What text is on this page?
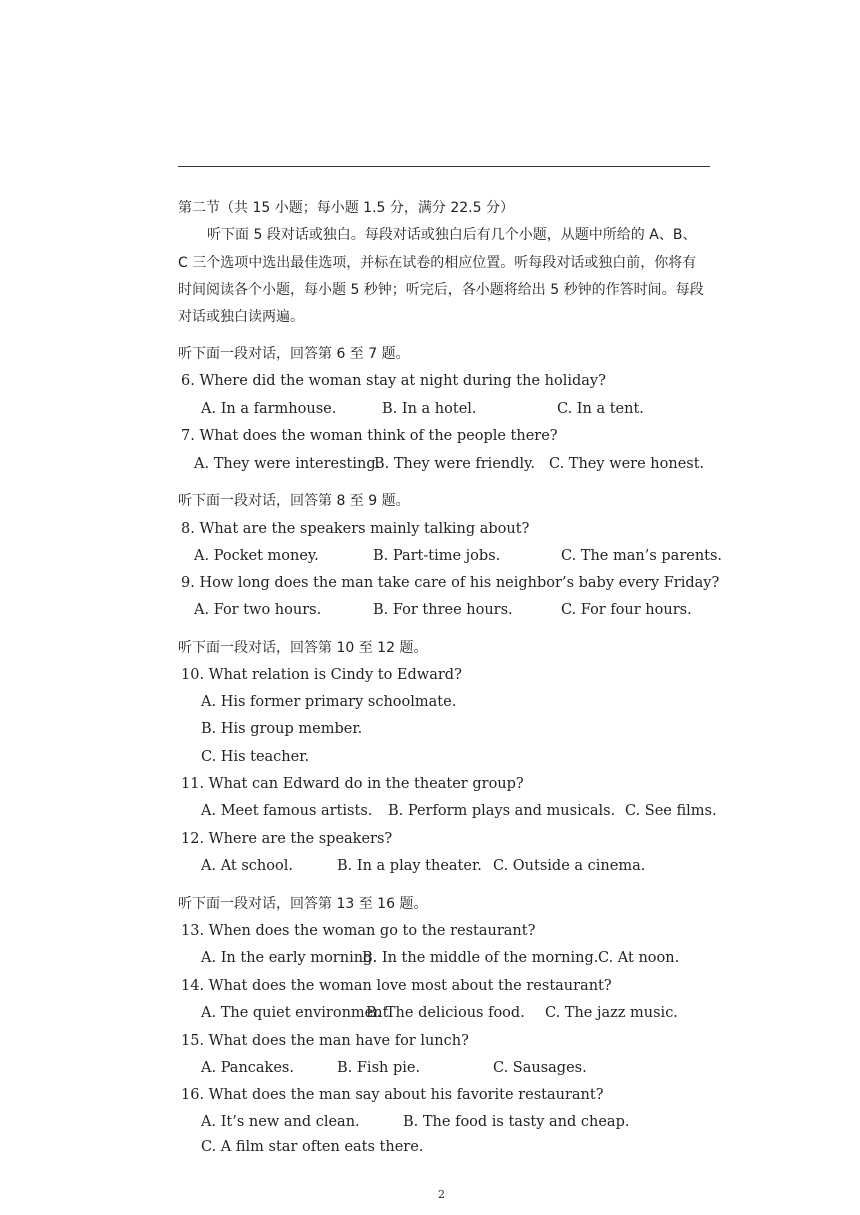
第二节（共 15 小题；每小题 1.5 分，满分 22.5 分）
听下面 5 段对话或独白。每段对话或独白后有几个小题，从题中所给的 A、B、
C 三个选项中选出最佳选项，并标在试卷的相应位置。听每段对话或独白前，你将有
时间阅读各个小题，每小题 5 秒钟；听完后，各小题将给出 5 秒钟的作答时间。每段
对话或独白读两遍。
听下面一段对话，回答第 6 至 7 题。
6. Where did the woman stay at night during the holiday?
A. In a farmhouse.	B. In a hotel.	C. In a tent.
7. What does the woman think of the people there?
A. They were interesting.
B. They were friendly. C. They were honest.
听下面一段对话，回答第 8 至 9 题。
8. What are the speakers mainly talking about?
A. Pocket money.	B. Part-time jobs.	C. The man’s parents.
9. How long does the man take care of his neighbor’s baby every Friday?
A. For two hours.	B. For three hours.	C. For four hours.
听下面一段对话，回答第 10 至 12 题。
10. What relation is Cindy to Edward?
A. His former primary schoolmate.
B. His group member.
C. His teacher.
11. What can Edward do in the theater group?
A. Meet famous artists. B. Perform plays and musicals. C. See films.
12. Where are the speakers?
A. At school.	B. In a play theater. C. Outside a cinema.
听下面一段对话，回答第 13 至 16 题。
13. When does the woman go to the restaurant?
A. In the early morning.
B. In the middle of the morning. C. At noon.
14. What does the woman love most about the restaurant?
A. The quiet environment.
B. The delicious food. C. The jazz music.
15. What does the man have for lunch?
A. Pancakes.	B. Fish pie.	C. Sausages.
16. What does the man say about his favorite restaurant?
A. It’s new and clean.	B. The food is tasty and cheap.
C. A film star often eats there.
2
